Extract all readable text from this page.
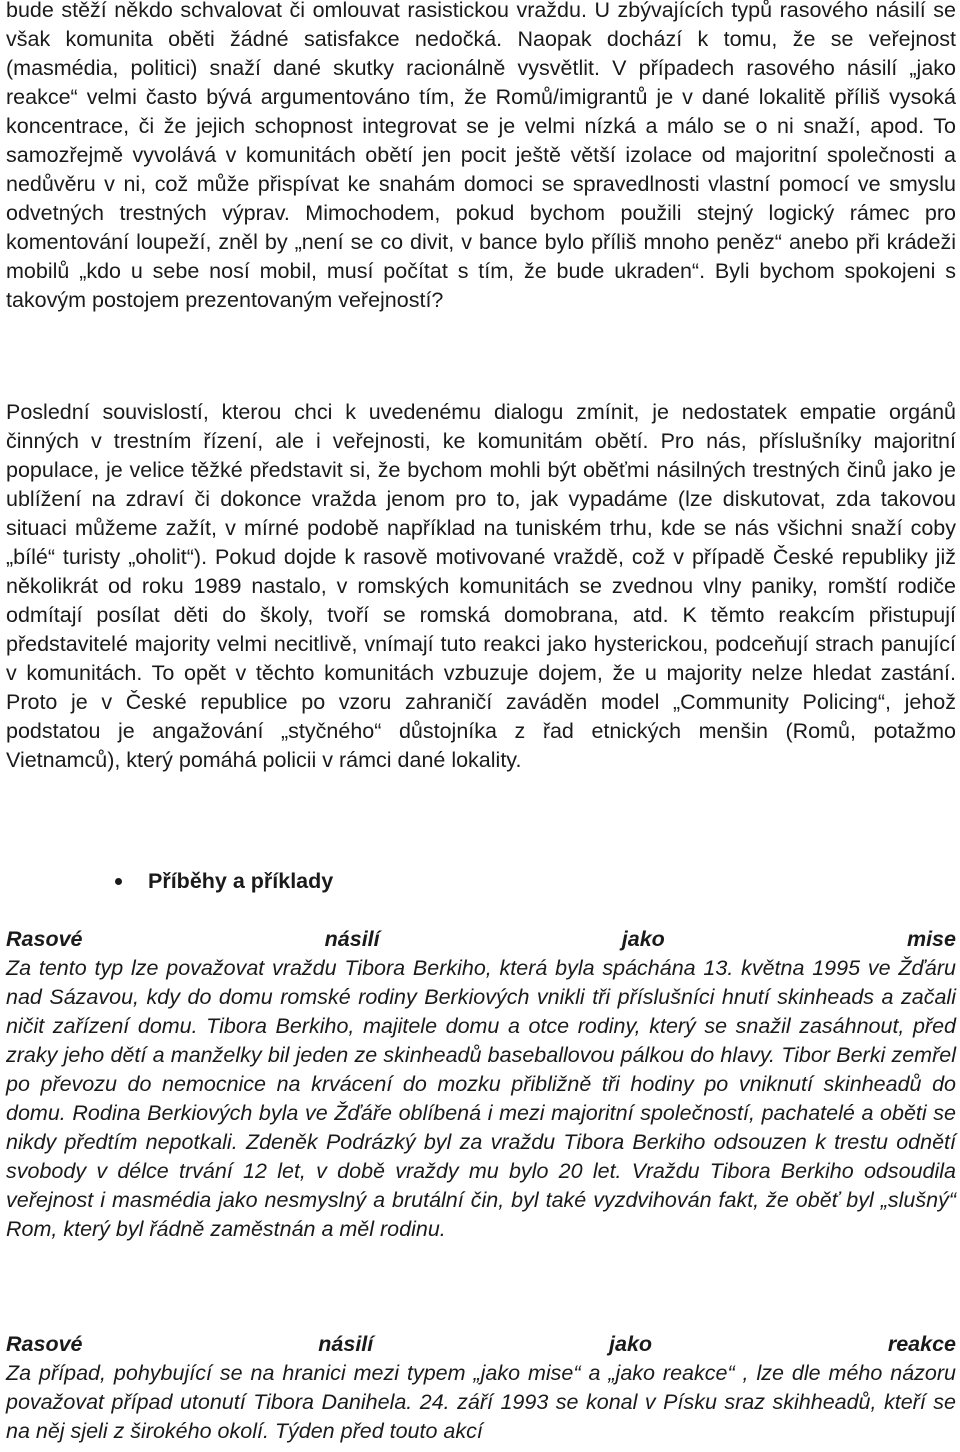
bude stěží někdo schvalovat či omlouvat rasistickou vraždu. U zbývajících typů rasového násilí se však komunita oběti žádné satisfakce nedočká. Naopak dochází k tomu, že se veřejnost (masmédia, politici) snaží dané skutky racionálně vysvětlit. V případech rasového násilí „jako reakce“ velmi často bývá argumentováno tím, že Romů/imigrantů je v dané lokalitě příliš vysoká koncentrace, či že jejich schopnost integrovat se je velmi nízká a málo se o ni snaží, apod. To samozřejmě vyvolává v komunitách obětí jen pocit ještě větší izolace od majoritní společnosti a nedůvěru v ni, což může přispívat ke snahám domoci se spravedlnosti vlastní pomocí ve smyslu odvetných trestných výprav. Mimochodem, pokud bychom použili stejný logický rámec pro komentování loupeží, zněl by „není se co divit, v bance bylo příliš mnoho peněz“ anebo při krádeži mobilů „kdo u sebe nosí mobil, musí počítat s tím, že bude ukraden“. Byli bychom spokojeni s takovým postojem prezentovaným veřejností?

Poslední souvislostí, kterou chci k uvedenému dialogu zmínit, je nedostatek empatie orgánů činných v trestním řízení, ale i veřejnosti, ke komunitám obětí. Pro nás, příslušníky majoritní populace, je velice těžké představit si, že bychom mohli být oběťmi násilných trestných činů jako je ublížení na zdraví či dokonce vražda jenom pro to, jak vypadáme (lze diskutovat, zda takovou situaci můžeme zažít, v mírné podobě například na tuniském trhu, kde se nás všichni snaží coby „bílé“ turisty „oholit“). Pokud dojde k rasově motivované vraždě, což v případě České republiky již několikrát od roku 1989 nastalo, v romských komunitách se zvednou vlny paniky, romští rodiče odmítají posílat děti do školy, tvoří se romská domobrana, atd. K těmto reakcím přistupují představitelé majority velmi necitlivě, vnímají tuto reakci jako hysterickou, podceňují strach panující v komunitách. To opět v těchto komunitách vzbuzuje dojem, že u majority nelze hledat zastání. Proto je v České republice po vzoru zahraničí zaváděn model „Community Policing“, jehož podstatou je angažování „styčného“ důstojníka z řad etnických menšin (Romů, potažmo Vietnamců), který pomáhá policii v rámci dané lokality.

Příběhy a příklady
Rasové	násilí	jako	mise

Za tento typ lze považovat vraždu Tibora Berkiho, která byla spáchána 13. května 1995 ve Žďáru nad Sázavou, kdy do domu romské rodiny Berkiových vnikli tři příslušníci hnutí skinheads a začali ničit zařízení domu. Tibora Berkiho, majitele domu a otce rodiny, který se snažil zasáhnout, před zraky jeho dětí a manželky bil jeden ze skinheadů baseballovou pálkou do hlavy. Tibor Berki zemřel po převozu do nemocnice na krvácení do mozku přibližně tři hodiny po vniknutí skinheadů do domu. Rodina Berkiových byla ve Žďáře oblíbená i mezi majoritní společností, pachatelé a oběti se nikdy předtím nepotkali. Zdeněk Podrázký byl za vraždu Tibora Berkiho odsouzen k trestu odnětí svobody v délce trvání 12 let, v době vraždy mu bylo 20 let. Vraždu Tibora Berkiho odsoudila veřejnost i masmédia jako nesmyslný a brutální čin, byl také vyzdvihován fakt, že oběť byl „slušný“ Rom, který byl řádně zaměstnán a měl rodinu.

Rasové	násilí	jako	reakce

Za případ, pohybující se na hranici mezi typem „jako mise“ a „jako reakce“ , lze dle mého názoru považovat případ utonutí Tibora Danihela. 24. září 1993 se konal v Písku sraz skihheadů, kteří se na něj sjeli z širokého okolí. Týden před touto akcí
